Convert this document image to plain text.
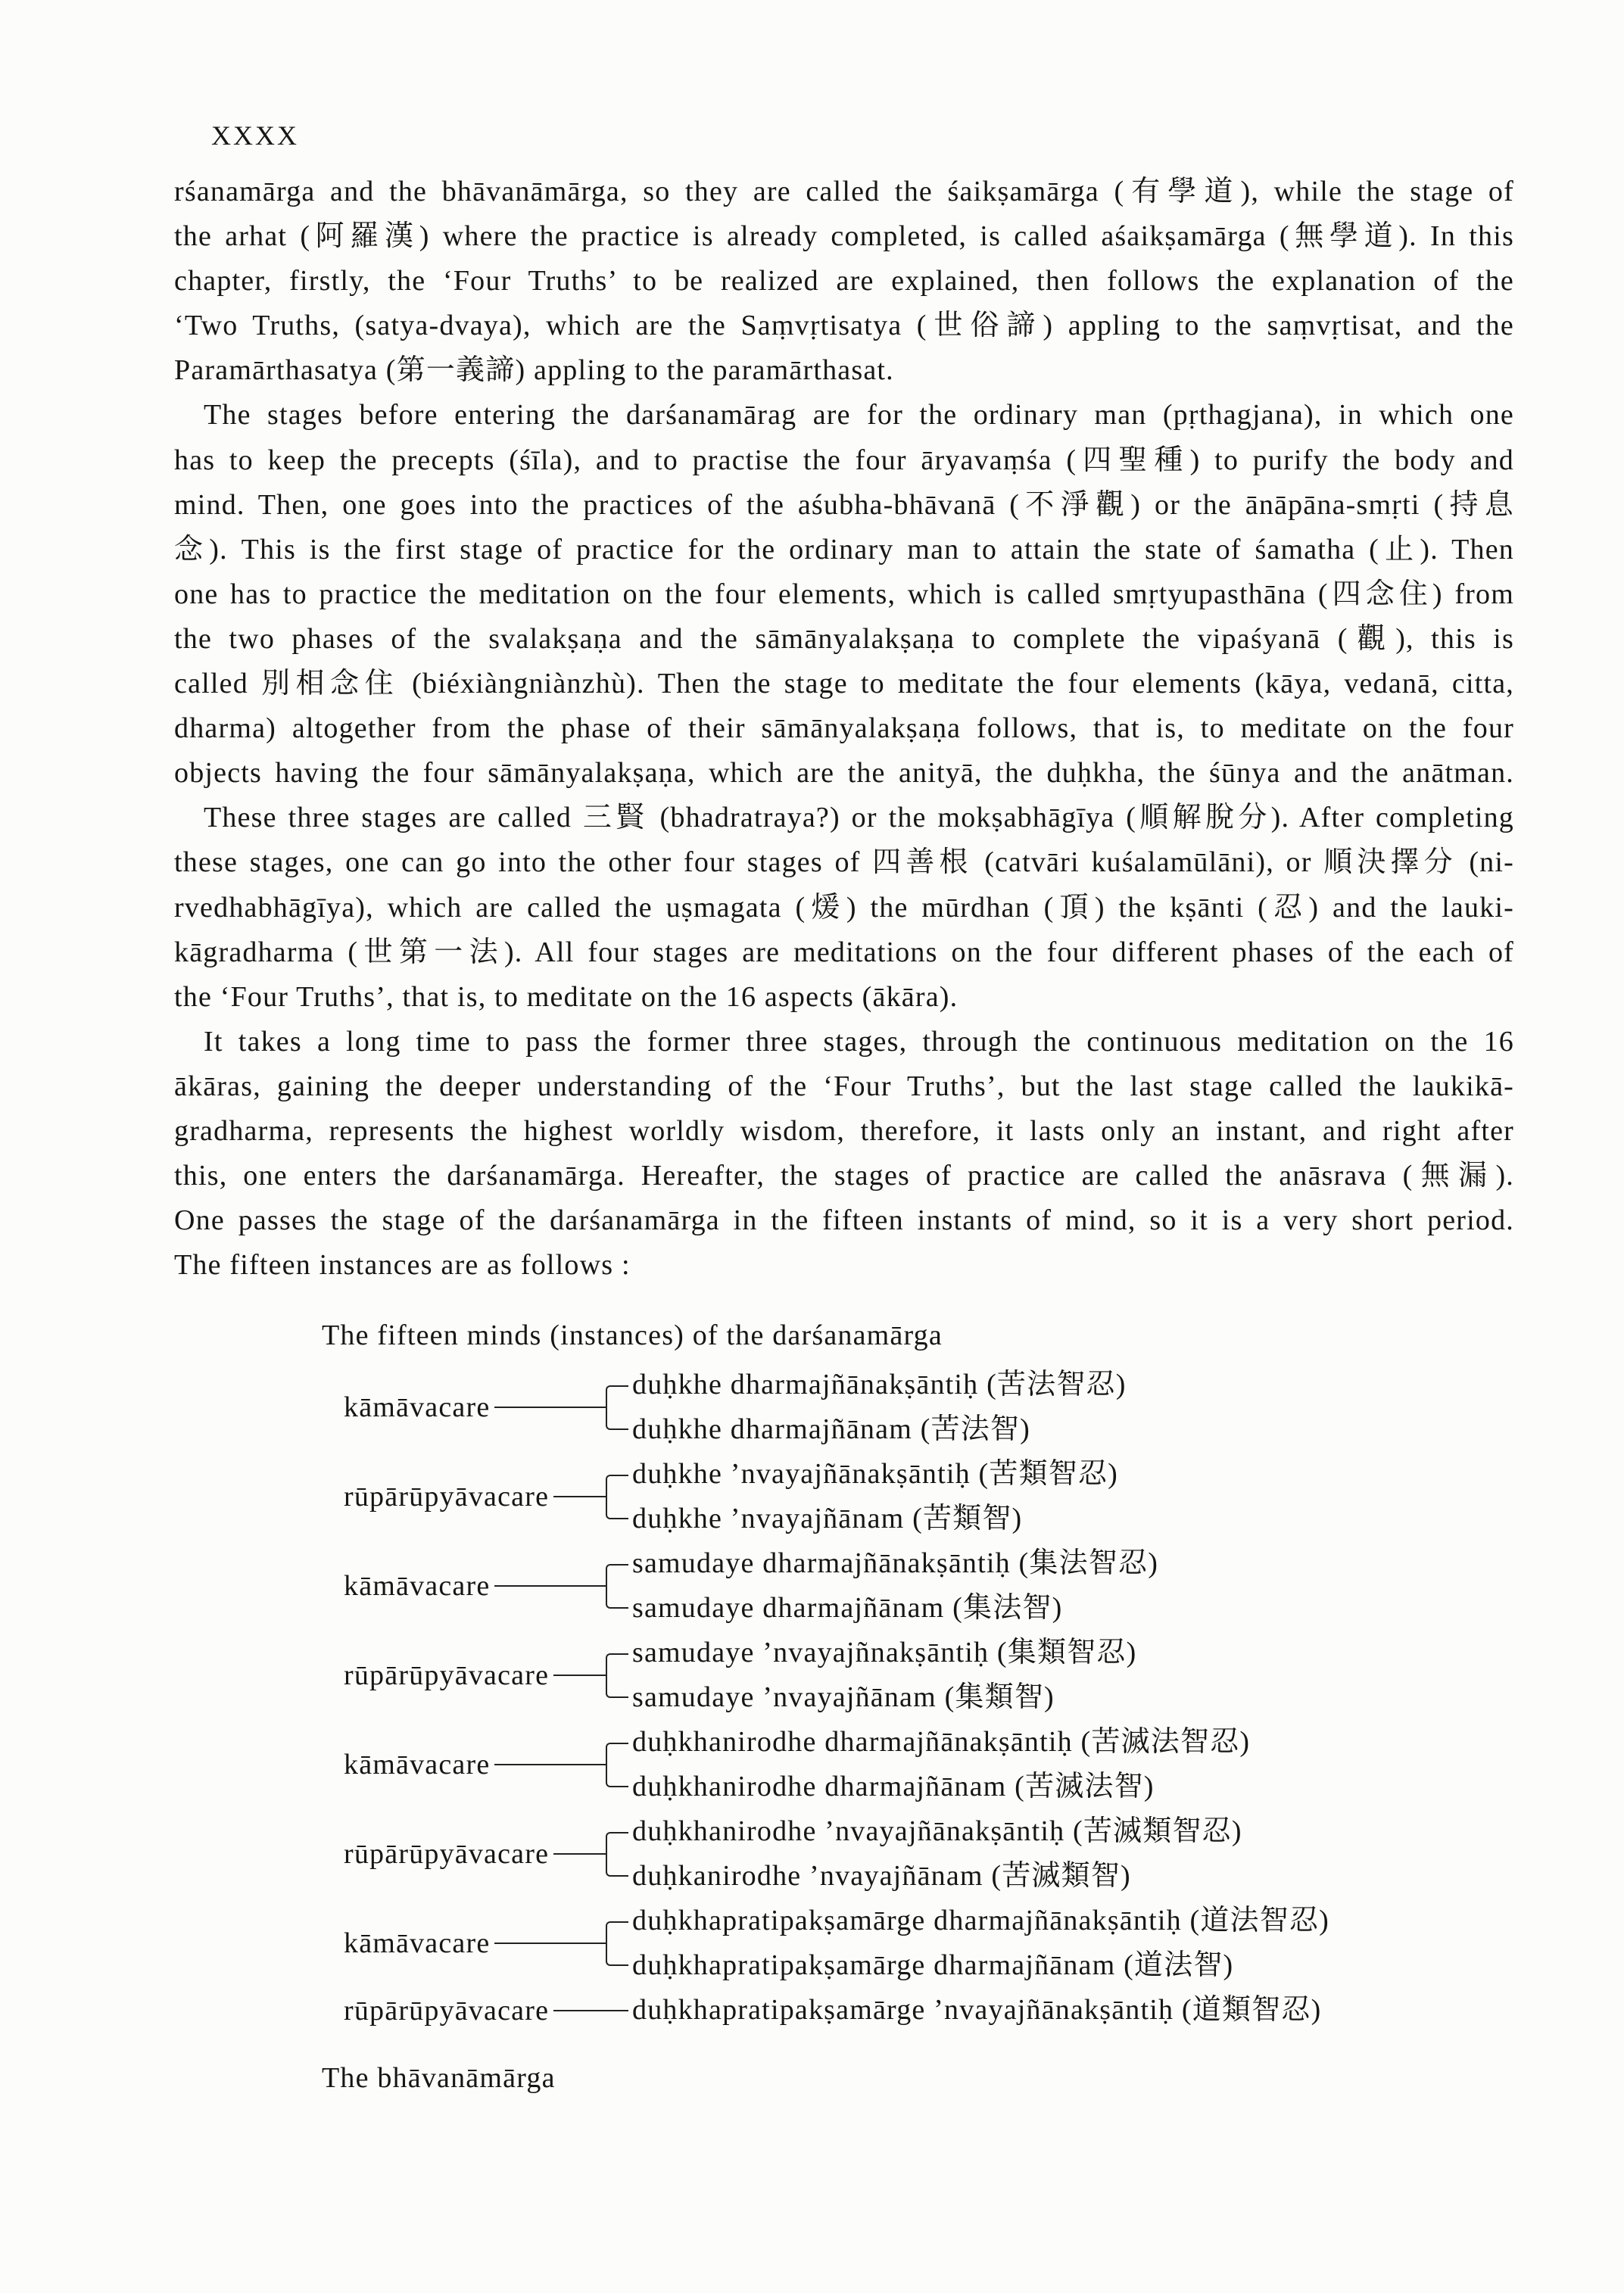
XXXX
rśanamārga and the bhāvanāmārga, so they are called the śaikṣamārga (有學道), while the stage of
the arhat (阿羅漢) where the practice is already completed, is called aśaikṣamārga (無學道). In this
chapter, firstly, the ‘Four Truths’ to be realized are explained, then follows the explanation of the
‘Two Truths, (satya-dvaya), which are the Saṃvṛtisatya (世俗諦) appling to the saṃvṛtisat, and the
Paramārthasatya (第一義諦) appling to the paramārthasat.
The stages before entering the darśanamārag are for the ordinary man (pṛthagjana), in which one
has to keep the precepts (śīla), and to practise the four āryavaṃśa (四聖種) to purify the body and
mind. Then, one goes into the practices of the aśubha-bhāvanā (不淨觀) or the ānāpāna-smṛti (持息
念). This is the first stage of practice for the ordinary man to attain the state of śamatha (止). Then
one has to practice the meditation on the four elements, which is called smṛtyupasthāna (四念住) from
the two phases of the svalakṣaṇa and the sāmānyalakṣaṇa to complete the vipaśyanā (觀), this is
called 別相念住 (biéxiàngniànzhù). Then the stage to meditate the four elements (kāya, vedanā, citta,
dharma) altogether from the phase of their sāmānyalakṣaṇa follows, that is, to meditate on the four
objects having the four sāmānyalakṣaṇa, which are the anityā, the duḥkha, the śūnya and the anātman.
These three stages are called 三賢 (bhadratraya?) or the mokṣabhāgīya (順解脫分). After completing
these stages, one can go into the other four stages of 四善根 (catvāri kuśalamūlāni), or 順決擇分 (ni-
rvedhabhāgīya), which are called the uṣmagata (煖) the mūrdhan (頂) the kṣānti (忍) and the lauki-
kāgradharma (世第一法). All four stages are meditations on the four different phases of the each of
the ‘Four Truths’, that is, to meditate on the 16 aspects (ākāra).
It takes a long time to pass the former three stages, through the continuous meditation on the 16
ākāras, gaining the deeper understanding of the ‘Four Truths’, but the last stage called the laukikā-
gradharma, represents the highest worldly wisdom, therefore, it lasts only an instant, and right after
this, one enters the darśanamārga. Hereafter, the stages of practice are called the anāsrava (無漏).
One passes the stage of the darśanamārga in the fifteen instants of mind, so it is a very short period.
The fifteen instances are as follows :
The fifteen minds (instances) of the darśanamārga
kāmāvacare
duḥkhe dharmajñānakṣāntiḥ (苦法智忍)
duḥkhe dharmajñānam (苦法智)
rūpārūpyāvacare
duḥkhe ’nvayajñānakṣāntiḥ (苦類智忍)
duḥkhe ’nvayajñānam (苦類智)
kāmāvacare
samudaye dharmajñānakṣāntiḥ (集法智忍)
samudaye dharmajñānam (集法智)
rūpārūpyāvacare
samudaye ’nvayajñnakṣāntiḥ (集類智忍)
samudaye ’nvayajñānam (集類智)
kāmāvacare
duḥkhanirodhe dharmajñānakṣāntiḥ (苦滅法智忍)
duḥkhanirodhe dharmajñānam (苦滅法智)
rūpārūpyāvacare
duḥkhanirodhe ’nvayajñānakṣāntiḥ (苦滅類智忍)
duḥkanirodhe ’nvayajñānam (苦滅類智)
kāmāvacare
duḥkhapratipakṣamārge dharmajñānakṣāntiḥ (道法智忍)
duḥkhapratipakṣamārge dharmajñānam (道法智)
rūpārūpyāvacare	duḥkhapratipakṣamārge ’nvayajñānakṣāntiḥ (道類智忍)
The bhāvanāmārga
